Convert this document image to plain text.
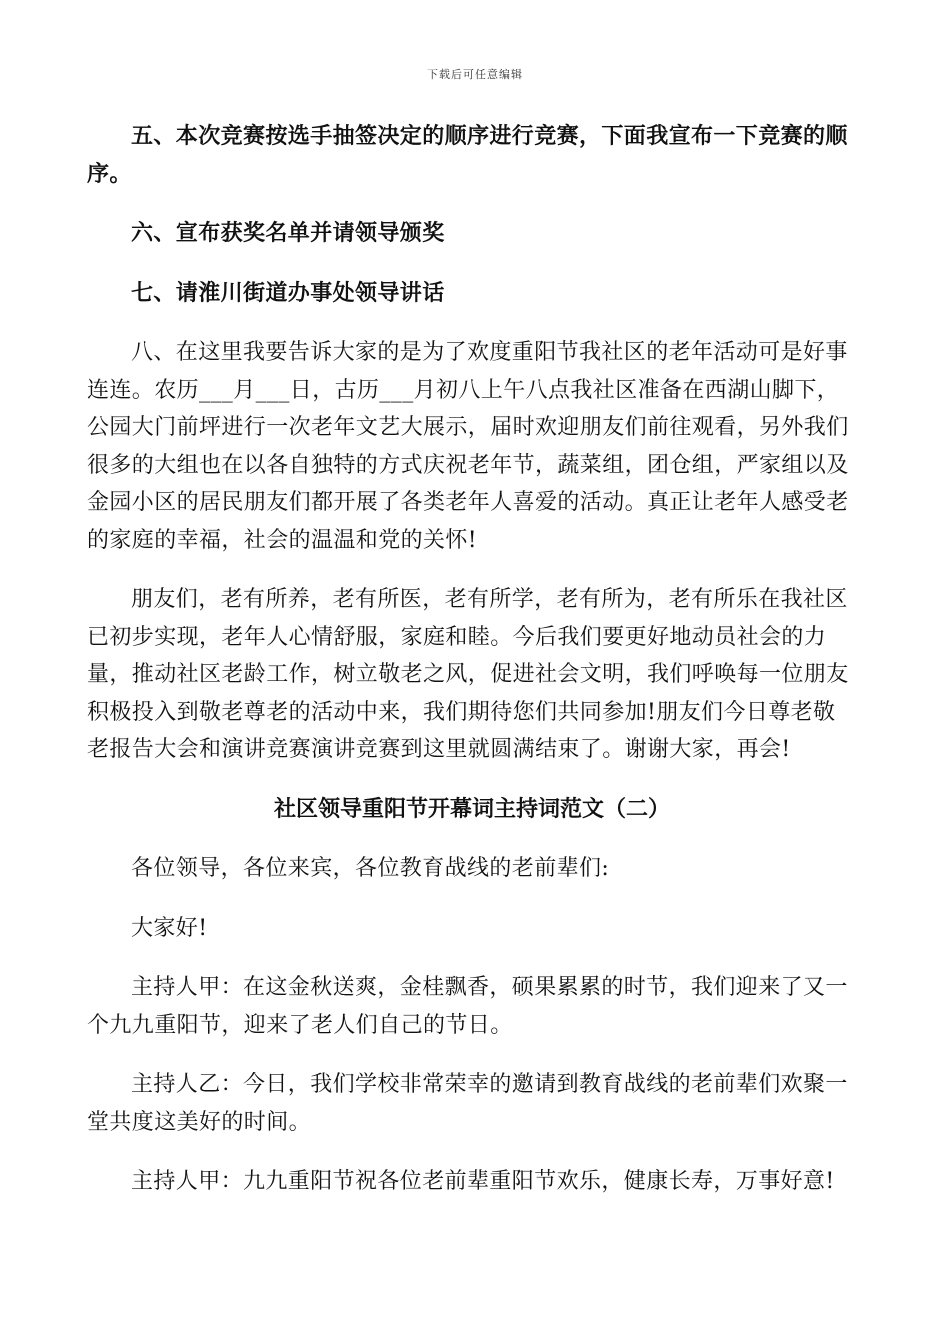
下载后可任意编辑

五、本次竞赛按选手抽签决定的顺序进行竞赛，下面我宣布一下竞赛的顺序。

六、宣布获奖名单并请领导颁奖

七、请淮川街道办事处领导讲话

八、在这里我要告诉大家的是为了欢度重阳节我社区的老年活动可是好事连连。农历___月___日，古历___月初八上午八点我社区准备在西湖山脚下，公园大门前坪进行一次老年文艺大展示，届时欢迎朋友们前往观看，另外我们很多的大组也在以各自独特的方式庆祝老年节，蔬菜组，团仓组，严家组以及金园小区的居民朋友们都开展了各类老年人喜爱的活动。真正让老年人感受老的家庭的幸福，社会的温温和党的关怀!

朋友们，老有所养，老有所医，老有所学，老有所为，老有所乐在我社区已初步实现，老年人心情舒服，家庭和睦。今后我们要更好地动员社会的力量，推动社区老龄工作，树立敬老之风，促进社会文明，我们呼唤每一位朋友积极投入到敬老尊老的活动中来，我们期待您们共同参加!朋友们今日尊老敬老报告大会和演讲竞赛演讲竞赛到这里就圆满结束了。谢谢大家，再会!

社区领导重阳节开幕词主持词范文（二）

各位领导，各位来宾，各位教育战线的老前辈们:

大家好!

主持人甲：在这金秋送爽，金桂飘香，硕果累累的时节，我们迎来了又一个九九重阳节，迎来了老人们自己的节日。

主持人乙：今日，我们学校非常荣幸的邀请到教育战线的老前辈们欢聚一堂共度这美好的时间。

主持人甲：九九重阳节祝各位老前辈重阳节欢乐，健康长寿，万事好意!
